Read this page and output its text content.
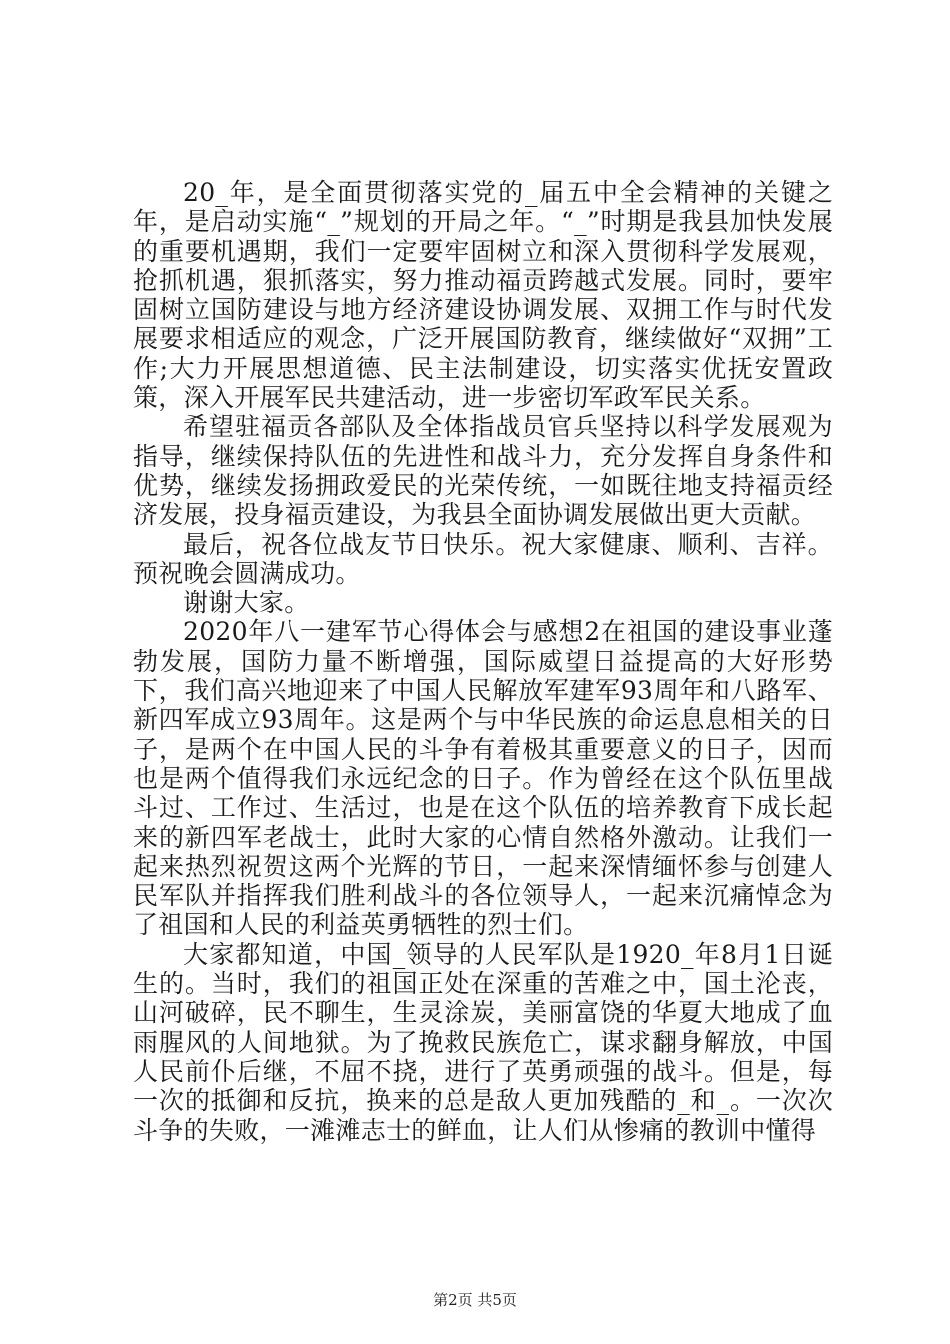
20_年，是全面贯彻落实党的_届五中全会精神的关键之年，是启动实施“_”规划的开局之年。“_”时期是我县加快发展的重要机遇期，我们一定要牢固树立和深入贯彻科学发展观，抢抓机遇，狠抓落实，努力推动福贡跨越式发展。同时，要牢固树立国防建设与地方经济建设协调发展、双拥工作与时代发展要求相适应的观念，广泛开展国防教育，继续做好“双拥”工作;大力开展思想道德、民主法制建设，切实落实优抚安置政策，深入开展军民共建活动，进一步密切军政军民关系。

希望驻福贡各部队及全体指战员官兵坚持以科学发展观为指导，继续保持队伍的先进性和战斗力，充分发挥自身条件和优势，继续发扬拥政爱民的光荣传统，一如既往地支持福贡经济发展，投身福贡建设，为我县全面协调发展做出更大贡献。

最后，祝各位战友节日快乐。祝大家健康、顺利、吉祥。预祝晚会圆满成功。

谢谢大家。

2020年八一建军节心得体会与感想2在祖国的建设事业蓬勃发展，国防力量不断增强，国际威望日益提高的大好形势下，我们高兴地迎来了中国人民解放军建军93周年和八路军、新四军成立93周年。这是两个与中华民族的命运息息相关的日子，是两个在中国人民的斗争有着极其重要意义的日子，因而也是两个值得我们永远纪念的日子。作为曾经在这个队伍里战斗过、工作过、生活过，也是在这个队伍的培养教育下成长起来的新四军老战士，此时大家的心情自然格外激动。让我们一起来热烈祝贺这两个光辉的节日，一起来深情缅怀参与创建人民军队并指挥我们胜利战斗的各位领导人，一起来沉痛悼念为了祖国和人民的利益英勇牺牲的烈士们。

大家都知道，中国_领导的人民军队是1920_年8月1日诞生的。当时，我们的祖国正处在深重的苦难之中，国土沦丧，山河破碎，民不聊生，生灵涂炭，美丽富饶的华夏大地成了血雨腥风的人间地狱。为了挽救民族危亡，谋求翻身解放，中国人民前仆后继，不屈不挠，进行了英勇顽强的战斗。但是，每一次的抵御和反抗，换来的总是敌人更加残酷的_和_。一次次斗争的失败，一滩滩志士的鲜血，让人们从惨痛的教训中懂得

第2页 共5页
